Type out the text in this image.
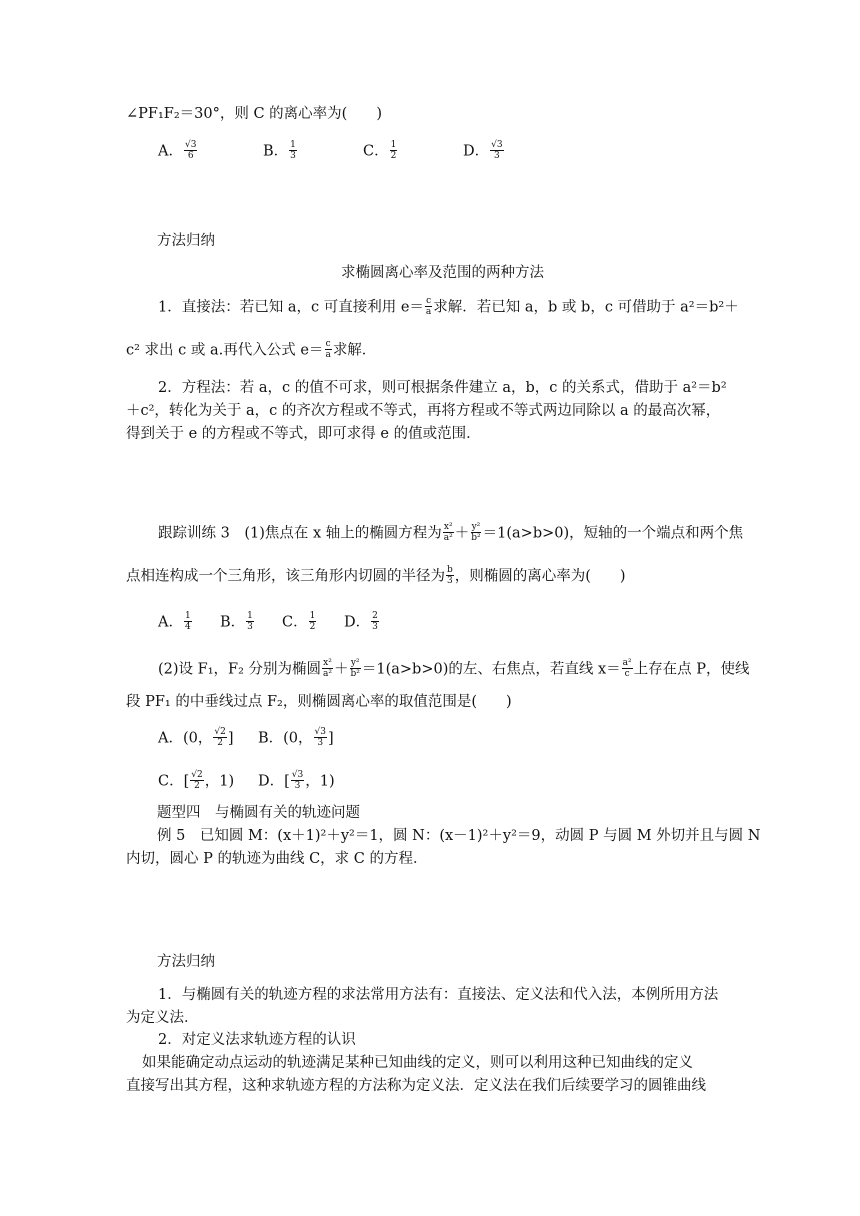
∠PF₁F₂＝30°，则 C 的离心率为(　　)
A． $\frac{√3}{6}$	B． $\frac{1}{3}$	C． $\frac{1}{2}$	D． $\frac{√3}{3}$
方法归纳
求椭圆离心率及范围的两种方法
1．直接法：若已知 a，c 可直接利用 $e= \frac{c}{a}$ 求解．若已知 a，b 或 b，c 可借助于 a²＝b²＋
c² 求出 c 或 a.再代入公式 $e= \frac{c}{a}$ 求解．
2．方程法：若 a，c 的值不可求，则可根据条件建立 a，b，c 的关系式，借助于 a²＝b²
＋c²，转化为关于 a，c 的齐次方程或不等式，再将方程或不等式两边同除以 a 的最高次幂，
得到关于 e 的方程或不等式，即可求得 e 的值或范围．
跟踪训练 3　(1)焦点在 x 轴上的椭圆方程为 $\frac{\text{x²}}{\text{a²}} + \frac{\text{y²}}{\text{b²}} =1(a>b>0)$，短轴的一个端点和两个焦
点相连构成一个三角形，该三角形内切圆的半径为 $\frac{b}{3}$ ，则椭圆的离心率为(　　)
A． $\frac{1}{4}$ B． $\frac{1}{3}$ C． $\frac{1}{2}$ D． $\frac{2}{3}$
(2)设 F₁，F₂ 分别为椭圆 $\frac{\text{x²}}{\text{a²}} + \frac{\text{y²}}{\text{b²}} =1(a>b>0)$的左、右焦点，若直线 $x= \frac{\text{a²}}{c}$ 上存在点 P，使线
段 PF₁ 的中垂线过点 F₂，则椭圆离心率的取值范围是(　　)
A．(0， $\frac{√2}{2}$ ] B．(0， $\frac{√3}{3}$ ]
C．[ $\frac{√2}{2}$ ，1) D．[ $\frac{√3}{3}$ ，1)
题型四　与椭圆有关的轨迹问题
例 5　已知圆 M：(x＋1)²＋y²＝1，圆 N：(x－1)²＋y²＝9，动圆 P 与圆 M 外切并且与圆 N
内切，圆心 P 的轨迹为曲线 C，求 C 的方程．
方法归纳
1．与椭圆有关的轨迹方程的求法常用方法有：直接法、定义法和代入法，本例所用方法
为定义法．
2．对定义法求轨迹方程的认识
如果能确定动点运动的轨迹满足某种已知曲线的定义，则可以利用这种已知曲线的定义
直接写出其方程，这种求轨迹方程的方法称为定义法．定义法在我们后续要学习的圆锥曲线
